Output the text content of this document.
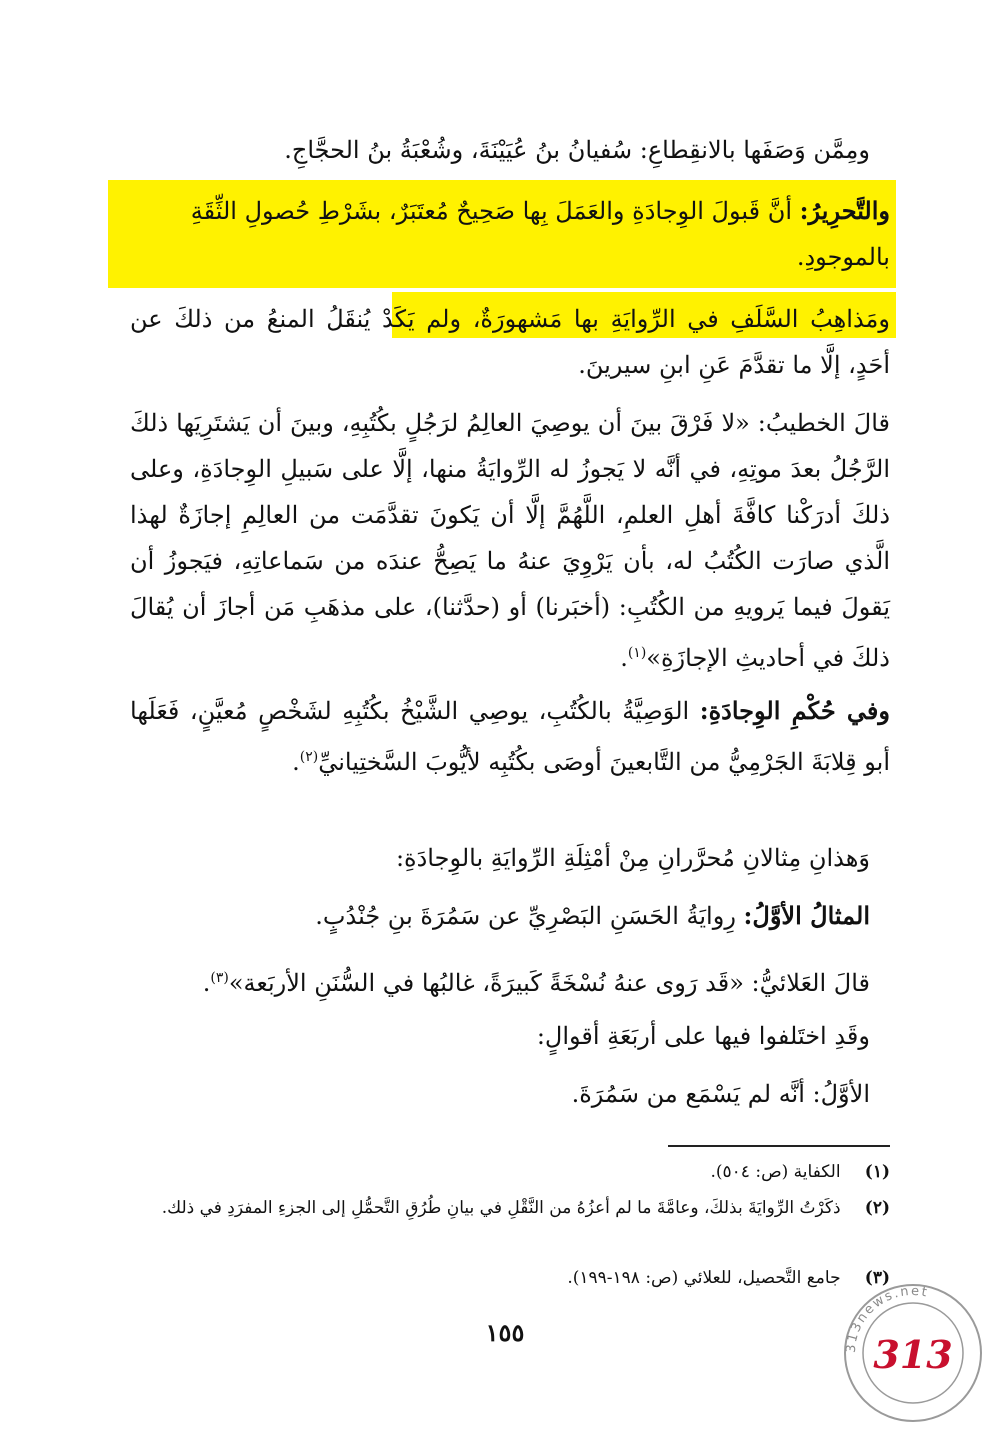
ومِمَّن وَصَفَها بالانقِطاعِ: سُفيانُ بنُ عُيَيْنَةَ، وشُعْبَةُ بنُ الحجَّاجِ.

والتَّحرِيرُ: أنَّ قَبولَ الوِجادَةِ والعَمَلَ بِها صَحِيحٌ مُعتَبَرٌ، بشَرْطِ حُصولِ الثِّقَةِ بالموجودِ.

ومَذاهِبُ السَّلَفِ في الرِّوايَةِ بها مَشهورَةٌ، ولم يَكَدْ يُنقَلُ المنعُ من ذلكَ عن أحَدٍ، إلَّا ما تقدَّمَ عَنِ ابنِ سيرينَ.

قالَ الخطيبُ: «لا فَرْقَ بينَ أن يوصِيَ العالِمُ لرَجُلٍ بكُتُبِهِ، وبينَ أن يَشتَرِيَها ذلكَ الرَّجُلُ بعدَ موتِهِ، في أنَّه لا يَجوزُ له الرِّوايَةُ منها، إلَّا على سَبيلِ الوِجادَةِ، وعلى ذلكَ أدرَكْنا كافَّةَ أهلِ العلمِ، اللَّهُمَّ إلَّا أن يَكونَ تقدَّمَت من العالِمِ إجازَةٌ لهذا الَّذي صارَت الكُتُبُ له، بأن يَرْوِيَ عنهُ ما يَصِحُّ عندَه من سَماعاتِهِ، فيَجوزُ أن يَقولَ فيما يَرويهِ من الكُتُبِ: (أخبَرنا) أو (حدَّثنا)، على مذهَبِ مَن أجازَ أن يُقالَ ذلكَ في أحاديثِ الإجازَةِ»$^{(١)}$.

وفي حُكْمِ الوِجادَةِ: الوَصِيَّةُ بالكُتُبِ، يوصِي الشَّيْخُ بكُتُبِهِ لشَخْصٍ مُعيَّنٍ، فَعَلَها أبو قِلابَةَ الجَرْمِيُّ من التَّابعينَ أوصَى بكُتُبِه لأيُّوبَ السَّختِيانيِّ$^{(٢)}$.

وَهذانِ مِثالانِ مُحرَّرانِ مِنْ أمْثِلَةِ الرِّوايَةِ بالوِجادَةِ:
المثالُ الأوَّلُ: رِوايَةُ الحَسَنِ البَصْرِيِّ عن سَمُرَةَ بنِ جُنْدُبٍ.
قالَ العَلائيُّ: «قَد رَوى عنهُ نُسْخَةً كَبيرَةً، غالبُها في السُّنَنِ الأربَعة»$^{(٣)}$.
وقَدِ اختَلفوا فيها على أربَعَةِ أقوالٍ:
الأوَّلُ: أنَّه لم يَسْمَع من سَمُرَةَ.
(١) الكفاية (ص: ٥٠٤).
(٢) ذكَرْتُ الرِّوايَةَ بذلكَ، وعامَّةَ ما لم أعزُهُ من النَّقْلِ في بيانِ طُرُقِ التَّحمُّلِ إلى الجزءِ المفرَدِ في ذلك.
(٣) جامع التَّحصيل، للعلائي (ص: ١٩٨-١٩٩).
١٥٥
313news.net
313
